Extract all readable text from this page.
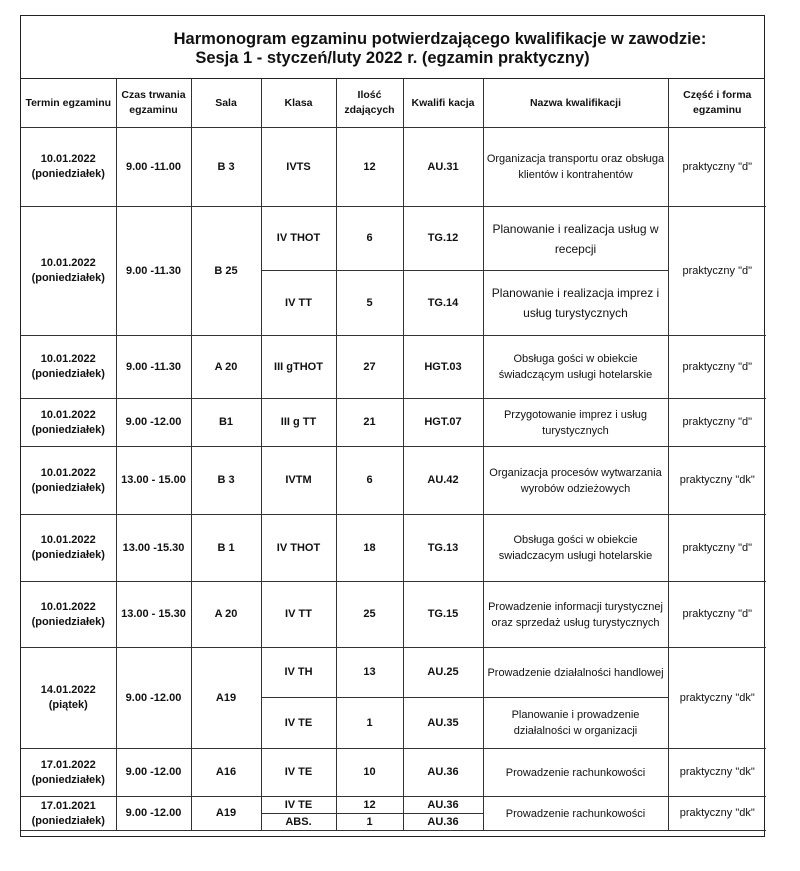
Harmonogram egzaminu potwierdzającego kwalifikacje w zawodzie:
Sesja 1 - styczeń/luty 2022 r. (egzamin praktyczny)
Termin egzaminu	Czas trwania egzaminu	Sala	Klasa	Ilość zdających	Kwalifi kacja	Nazwa kwalifikacji	Część i forma egzaminu
10.01.2022
(poniedziałek)	9.00 -11.00	B 3	IVTS	12	AU.31	Organizacja transportu oraz obsługa klientów i kontrahentów	praktyczny "d"
10.01.2022
(poniedziałek)	9.00 -11.30	B 25	IV THOT	6	TG.12	Planowanie i realizacja usług w recepcji	praktyczny "d"
			IV TT	5	TG.14	Planowanie i realizacja imprez i usług turystycznych	
10.01.2022
(poniedziałek)	9.00 -11.30	A 20	III gTHOT	27	HGT.03	Obsługa gości w obiekcie świadczącym usługi hotelarskie	praktyczny "d"
10.01.2022
(poniedziałek)	9.00 -12.00	B1	III g TT	21	HGT.07	Przygotowanie imprez i usług turystycznych	praktyczny "d"
10.01.2022
(poniedziałek)	13.00 - 15.00	B 3	IVTM	6	AU.42	Organizacja procesów wytwarzania wyrobów odzieżowych	praktyczny "dk"
10.01.2022
(poniedziałek)	13.00 -15.30	B 1	IV THOT	18	TG.13	Obsługa gości w obiekcie swiadczacym usługi hotelarskie	praktyczny "d"
10.01.2022
(poniedziałek)	13.00 - 15.30	A 20	IV TT	25	TG.15	Prowadzenie informacji turystycznej oraz sprzedaż usług turystycznych	praktyczny "d"
14.01.2022
(piątek)	9.00 -12.00	A19	IV TH	13	AU.25	Prowadzenie działalności handlowej	praktyczny "dk"
			IV TE	1	AU.35	Planowanie i prowadzenie działalności w organizacji	
17.01.2022
(poniedziałek)	9.00 -12.00	A16	IV TE	10	AU.36	Prowadzenie rachunkowości	praktyczny "dk"
17.01.2021
(poniedziałek)	9.00 -12.00	A19	IV TE	12	AU.36	Prowadzenie rachunkowości	praktyczny "dk"
			ABS.	1	AU.36		
